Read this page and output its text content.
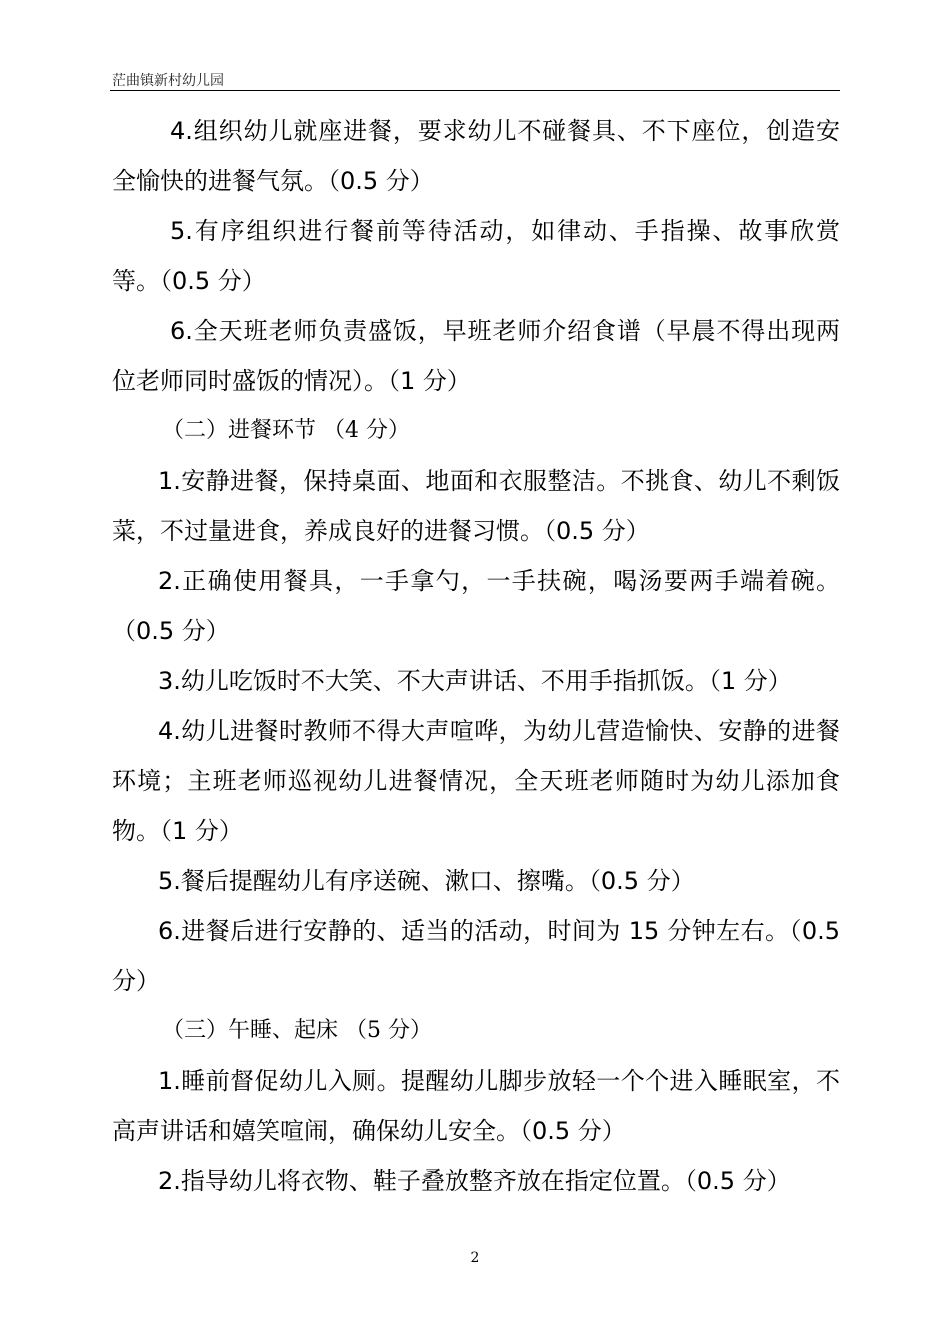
茫曲镇新村幼儿园

4.组织幼儿就座进餐，要求幼儿不碰餐具、不下座位，创造安全愉快的进餐气氛。（0.5 分）

5.有序组织进行餐前等待活动，如律动、手指操、故事欣赏等。（0.5 分）

6.全天班老师负责盛饭，早班老师介绍食谱（早晨不得出现两位老师同时盛饭的情况）。（1 分）

（二）进餐环节 （4 分）

1.安静进餐，保持桌面、地面和衣服整洁。不挑食、幼儿不剩饭菜，不过量进食，养成良好的进餐习惯。（0.5 分）

2.正确使用餐具，一手拿勺，一手扶碗，喝汤要两手端着碗。（0.5 分）

3.幼儿吃饭时不大笑、不大声讲话、不用手指抓饭。（1 分）

4.幼儿进餐时教师不得大声喧哗，为幼儿营造愉快、安静的进餐环境；主班老师巡视幼儿进餐情况，全天班老师随时为幼儿添加食物。（1 分）

5.餐后提醒幼儿有序送碗、漱口、擦嘴。（0.5 分）

6.进餐后进行安静的、适当的活动，时间为 15 分钟左右。（0.5 分）

（三）午睡、起床 （5 分）

1.睡前督促幼儿入厕。提醒幼儿脚步放轻一个个进入睡眠室，不高声讲话和嬉笑喧闹，确保幼儿安全。（0.5 分）

2.指导幼儿将衣物、鞋子叠放整齐放在指定位置。（0.5 分）

2
